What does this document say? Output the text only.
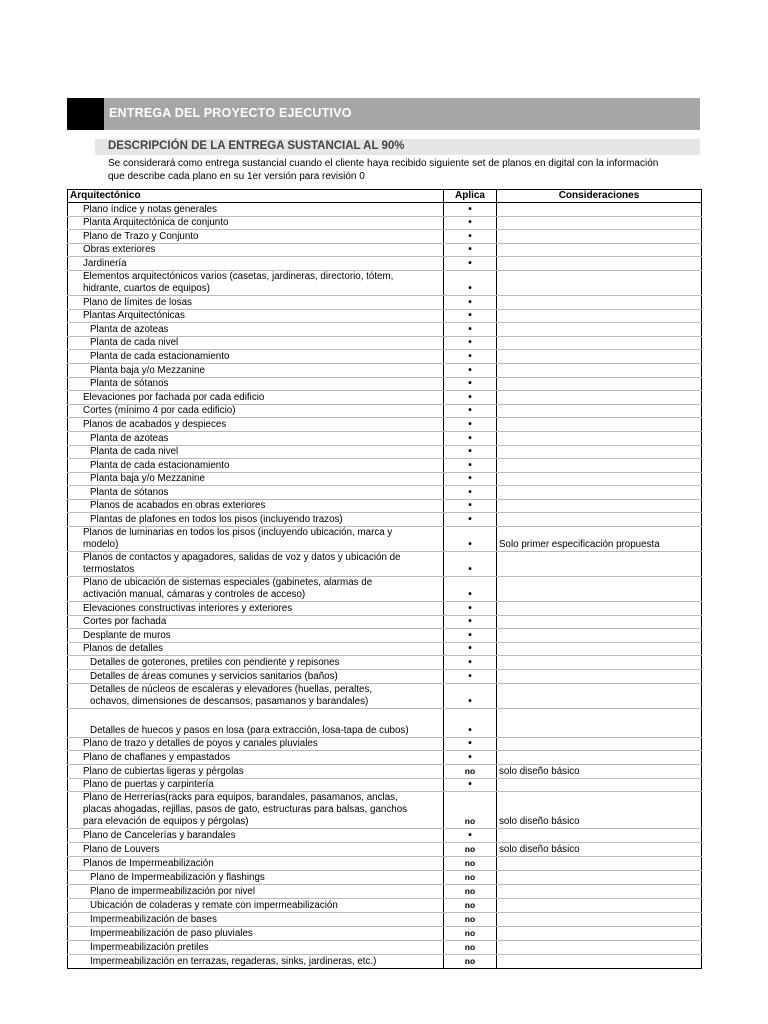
ENTREGA DEL PROYECTO EJECUTIVO
DESCRIPCIÓN DE LA ENTREGA SUSTANCIAL AL 90%
Se considerará como entrega sustancial cuando el cliente haya recibido siguiente set de planos en digital con la información
que describe cada plano en su 1er versión para revisión 0
Arquitectónico	Aplica	Consideraciones

Plano índice y notas generales	•	

Planta Arquitectónica de conjunto	•	

Plano de Trazo y Conjunto	•	

Obras exteriores	•	

Jardinería	•	

Elementos arquitectónicos varios (casetas, jardineras, directorio, tótem,
hidrante, cuartos de equipos)	•	

Plano de límites de losas	•	

Plantas Arquitectónicas	•	

Planta de azoteas	•	

Planta de cada nivel	•	

Planta de cada estacionamiento	•	

Planta baja y/o Mezzanine	•	

Planta de sótanos	•	

Elevaciones por fachada por cada edificio	•	

Cortes (mínimo 4 por cada edificio)	•	

Planos de acabados y despieces	•	

Planta de azoteas	•	

Planta de cada nivel	•	

Planta de cada estacionamiento	•	

Planta baja y/o Mezzanine	•	

Planta de sótanos	•	

Planos de acabados en obras exteriores	•	

Plantas de plafones en todos los pisos (incluyendo trazos)	•	

Planos de luminarias en todos los pisos (incluyendo ubicación, marca y
modelo)	•	Solo primer especificación propuesta

Planos de contactos y apagadores, salidas de voz y datos y ubicación de
termostatos	•	

Plano de ubicación de sistemas especiales (gabinetes, alarmas de
activación manual, cámaras y controles de acceso)	•	

Elevaciones constructivas interiores y exteriores	•	

Cortes por fachada	•	

Desplante de muros	•	

Planos de detalles	•	

Detalles de goterones, pretiles con pendiente y repisones	•	

Detalles de áreas comunes y servicios sanitarios (baños)	•	

Detalles de núcleos de escaleras y elevadores (huellas, peraltes,
ochavos, dimensiones de descansos, pasamanos y barandales)	•	

Detalles de huecos y pasos en losa (para extracción, losa-tapa de cubos)	•	

Plano de trazo y detalles de poyos y canales pluviales	•	

Plano de chaflanes y empastados	•	

Plano de cubiertas ligeras y pérgolas	no	solo diseño básico

Plano de puertas y carpintería	•	

Plano de Herrerías(racks para equipos, barandales, pasamanos, anclas,
placas ahogadas, rejillas, pasos de gato, estructuras para balsas, ganchos
para elevación de equipos y pérgolas)	no	solo diseño básico

Plano de Cancelerías y barandales	•	

Plano de Louvers	no	solo diseño básico

Planos de Impermeabilización	no	

Plano de Impermeabilización y flashings	no	

Plano de impermeabilización por nivel	no	

Ubicación de coladeras y remate con impermeabilización	no	

Impermeabilización de bases	no	

Impermeabilización de paso pluviales	no	

Impermeabilización pretiles	no	

Impermeabilización en terrazas, regaderas, sinks, jardineras, etc.)	no	
